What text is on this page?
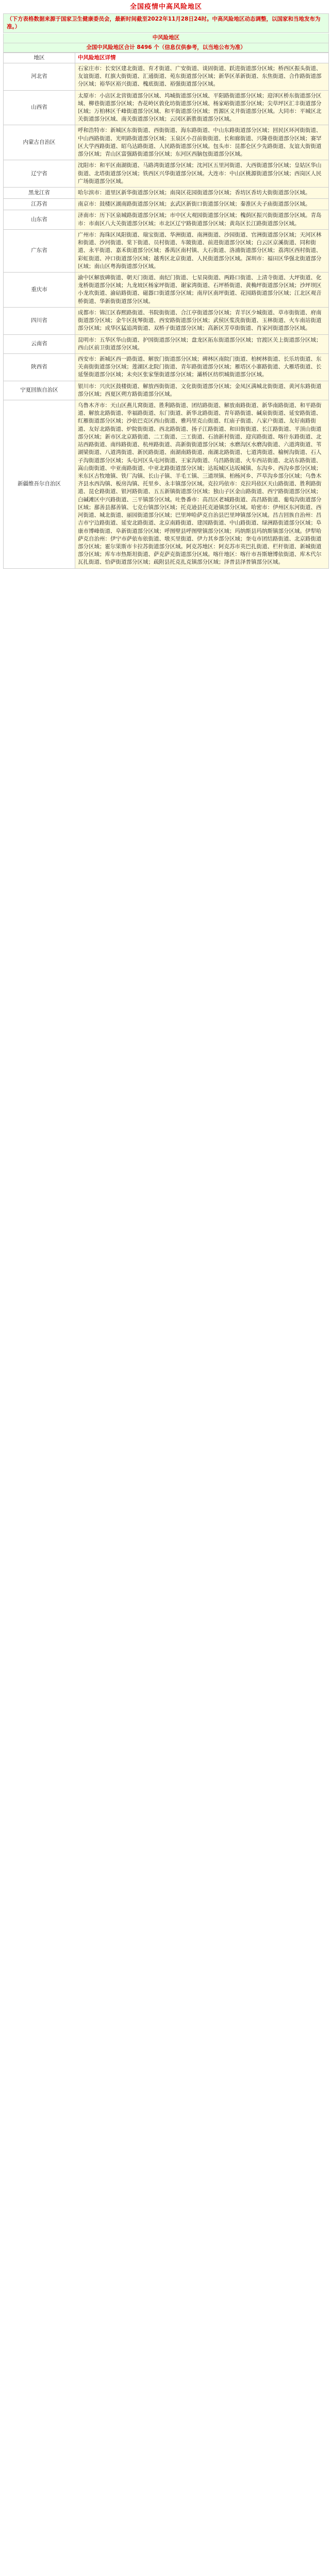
全国疫情中高风险地区
（下方表格数据来源于国家卫生健康委员会，最新时间截至2022年11月28日24时。中高风险地区动态调整，以国家和当地发布为准。）
中风险地区
全国中风险地区合计 8496 个（信息仅供参考，以当地公布为准）
地区	中风险地区详情
河北省	石家庄市：长安区建北街道、育才街道、广安街道、谈固街道、跃进街道部分区域；桥西区振头街道、友谊街道、红旗大街街道、汇通街道、苑东街道部分区域；新华区革新街道、东焦街道、合作路街道部分区域；裕华区裕兴街道、槐底街道、裕强街道部分区域。
山西省	太原市：小店区北营街道部分区域、坞城街道部分区域、平阳路街道部分区域；迎泽区桥东街道部分区域、柳巷街道部分区域；杏花岭区敦化坊街道部分区域、杨家峪街道部分区域；尖草坪区汇丰街道部分区域；万柏林区千峰街道部分区域、和平街道部分区域；晋源区义井街道部分区域。大同市：平城区北关街道部分区域、南关街道部分区域；云冈区新胜街道部分区域。
内蒙古自治区	呼和浩特市：新城区东街街道、西街街道、海东路街道、中山东路街道部分区域；回民区环河街街道、中山西路街道、光明路街道部分区域；玉泉区小召前街街道、长和廊街道、兴隆巷街道部分区域；赛罕区大学西路街道、昭乌达路街道、人民路街道部分区域。包头市：昆都仑区少先路街道、友谊大街街道部分区域；青山区富强路街道部分区域；东河区西脑包街道部分区域。
辽宁省	沈阳市：和平区南湖街道、马路湾街道部分区域；沈河区五里河街道、大西街道部分区域；皇姑区华山街道、北塔街道部分区域；铁西区兴华街道部分区域。大连市：中山区桃源街道部分区域；西岗区人民广场街道部分区域。
黑龙江省	哈尔滨市：道里区新华街道部分区域；南岗区花园街道部分区域；香坊区香坊大街街道部分区域。
江苏省	南京市：鼓楼区湖南路街道部分区域；玄武区新街口街道部分区域；秦淮区夫子庙街道部分区域。
山东省	济南市：历下区泉城路街道部分区域；市中区大观园街道部分区域；槐荫区振兴街街道部分区域。青岛市：市南区八大关街道部分区域；市北区辽宁路街道部分区域；黄岛区长江路街道部分区域。
广东省	广州市：海珠区凤阳街道、瑞宝街道、华洲街道、南洲街道、沙园街道、官洲街道部分区域；天河区林和街道、沙河街道、棠下街道、员村街道、车陂街道、前进街道部分区域；白云区京溪街道、同和街道、永平街道、嘉禾街道部分区域；番禺区南村镇、大石街道、洛浦街道部分区域；荔湾区西村街道、彩虹街道、冲口街道部分区域；越秀区北京街道、人民街道部分区域。深圳市：福田区华强北街道部分区域；南山区粤海街道部分区域。
重庆市	渝中区解放碑街道、朝天门街道、南纪门街道、七星岗街道、两路口街道、上清寺街道、大坪街道、化龙桥街道部分区域；九龙坡区杨家坪街道、谢家湾街道、石坪桥街道、黄桷坪街道部分区域；沙坪坝区小龙坎街道、渝碚路街道、磁器口街道部分区域；南岸区南坪街道、花园路街道部分区域；江北区观音桥街道、华新街街道部分区域。
四川省	成都市：锦江区春熙路街道、书院街街道、合江亭街道部分区域；青羊区少城街道、草市街街道、府南街道部分区域；金牛区抚琴街道、西安路街道部分区域；武侯区浆洗街街道、玉林街道、火车南站街道部分区域；成华区猛追湾街道、双桥子街道部分区域；高新区芳草街街道、肖家河街道部分区域。
云南省	昆明市：五华区华山街道、护国街道部分区域；盘龙区拓东街道部分区域；官渡区关上街道部分区域；西山区前卫街道部分区域。
陕西省	西安市：新城区西一路街道、解放门街道部分区域；碑林区南院门街道、柏树林街道、长乐坊街道、东关南街街道部分区域；莲湖区北院门街道、青年路街道部分区域；雁塔区小寨路街道、大雁塔街道、长延堡街道部分区域；未央区张家堡街道部分区域；灞桥区纺织城街道部分区域。
宁夏回族自治区	银川市：兴庆区鼓楼街道、解放西街街道、文化街街道部分区域；金凤区满城北街街道、黄河东路街道部分区域；西夏区朔方路街道部分区域。
新疆维吾尔自治区	乌鲁木齐市：天山区燕儿窝街道、胜利路街道、团结路街道、解放南路街道、新华南路街道、和平路街道、解放北路街道、幸福路街道、东门街道、新华北路街道、青年路街道、碱泉街街道、延安路街道、红雁街道部分区域；沙依巴克区西山街道、雅玛里克山街道、红庙子街道、八家户街道、友好南路街道、友好北路街道、炉院街街道、西北路街道、扬子江路街道、和田街街道、长江路街道、平顶山街道部分区域；新市区北京路街道、二工街道、三工街道、石油新村街道、迎宾路街道、喀什东路街道、北站西路街道、南纬路街道、杭州路街道、高新街街道部分区域；水磨沟区水磨沟街道、六道湾街道、苇湖梁街道、八道湾街道、新民路街道、南湖南路街道、南湖北路街道、七道湾街道、榆树沟街道、石人子沟街道部分区域；头屯河区头屯河街道、王家沟街道、乌昌路街道、火车西站街道、北站东路街道、嵩山街街道、中亚南路街道、中亚北路街道部分区域；达坂城区达坂城镇、东沟乡、西沟乡部分区域；米东区古牧地镇、铁厂沟镇、长山子镇、羊毛工镇、三道坝镇、柏杨河乡、芦草沟乡部分区域；乌鲁木齐县水西沟镇、板房沟镇、托里乡、永丰镇部分区域。克拉玛依市：克拉玛依区天山路街道、胜利路街道、昆仑路街道、银河路街道、五五新镇街道部分区域；独山子区金山路街道、西宁路街道部分区域；白碱滩区中兴路街道、三平镇部分区域。吐鲁番市：高昌区老城路街道、高昌路街道、葡萄沟街道部分区域；鄯善县鄯善镇、七克台镇部分区域；托克逊县托克逊镇部分区域。哈密市：伊州区东河街道、西河街道、城北街道、丽园街道部分区域；巴里坤哈萨克自治县巴里坤镇部分区域。昌吉回族自治州：昌吉市宁边路街道、延安北路街道、北京南路街道、建国路街道、中山路街道、绿洲路街道部分区域；阜康市博峰街道、阜新街道部分区域；呼图壁县呼图壁镇部分区域；玛纳斯县玛纳斯镇部分区域。伊犁哈萨克自治州：伊宁市萨依布依街道、墩买里街道、伊力其乡部分区域；奎屯市团结路街道、北京路街道部分区域；霍尔果斯市卡拉苏街道部分区域。阿克苏地区：阿克苏市英巴扎街道、栏杆街道、新城街道部分区域；库车市热斯坦街道、萨克萨克街道部分区域。喀什地区：喀什市吾斯塘博依街道、库木代尔瓦扎街道、恰萨街道部分区域；疏附县托克扎克镇部分区域；泽普县泽普镇部分区域。
